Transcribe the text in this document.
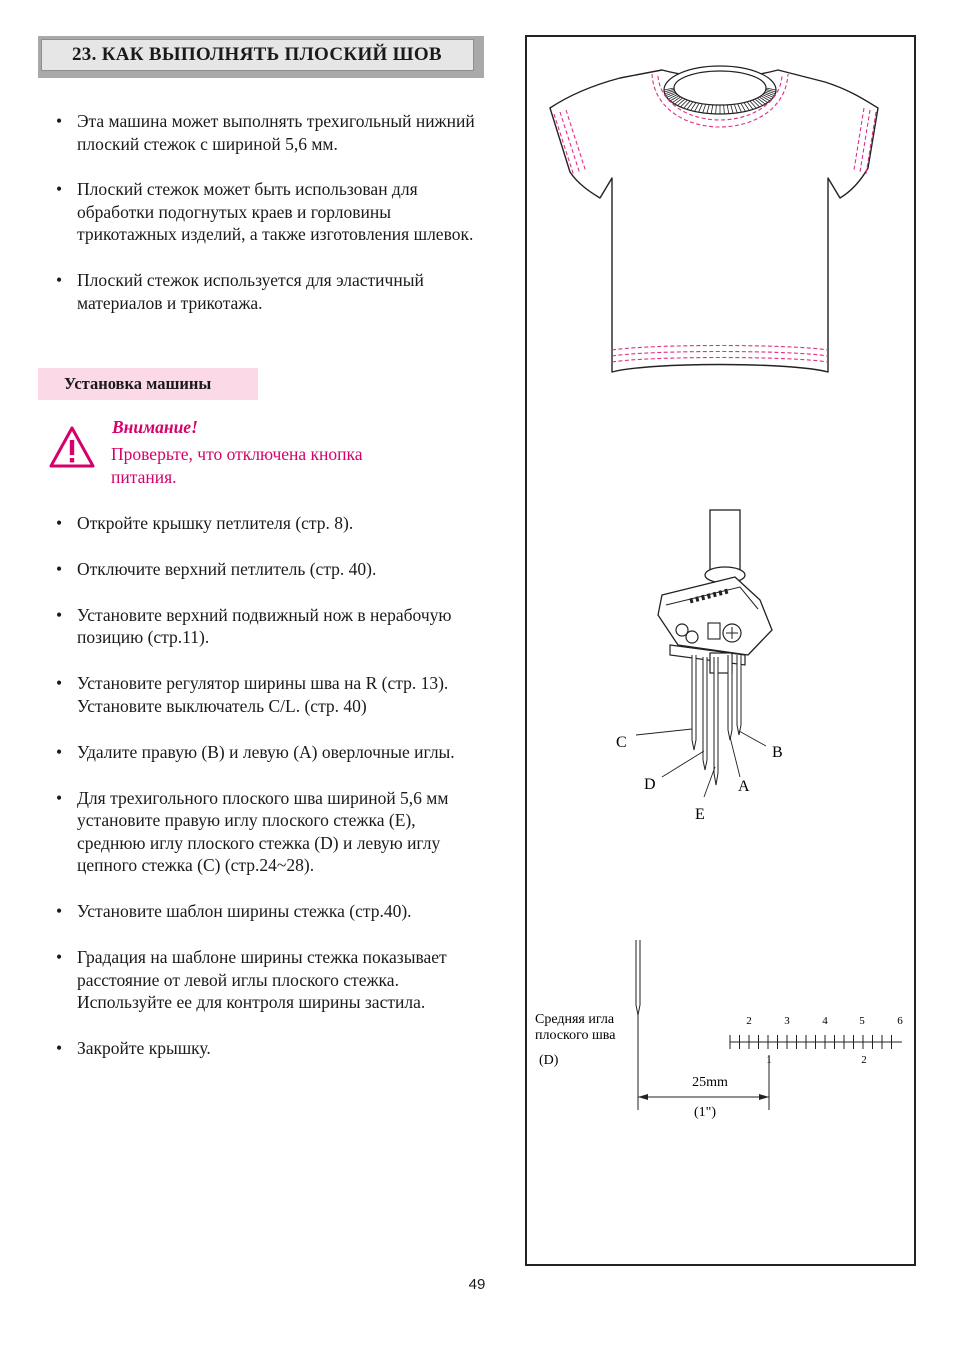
23. КАК ВЫПОЛНЯТЬ ПЛОСКИЙ ШОВ
• Эта машина может выполнять трехигольный нижний плоский стежок с шириной 5,6 мм.
• Плоский стежок может быть использован для обработки подогнутых краев и горловины трикотажных изделий, а также изготовления шлевок.
• Плоский стежок используется для эластичный материалов и трикотажа.
Установка машины
Внимание!
Проверьте, что отключена кнопка питания.
• Откройте крышку петлителя (стр. 8).
• Отключите верхний петлитель (стр. 40).
• Установите верхний подвижный нож в нерабочую позицию (стр.11).
• Установите регулятор ширины шва на R (стр. 13). Установите выключатель C/L. (стр. 40)
• Удалите правую (B) и левую (A) оверлочные иглы.
• Для трехигольного плоского шва шириной 5,6 мм установите правую иглу плоского стежка (E), среднюю иглу плоского стежка (D) и левую иглу цепного стежка (C) (стр.24~28).
• Установите шаблон ширины стежка (стр.40).
• Градация на шаблоне ширины стежка показывает расстояние от левой иглы плоского стежка. Используйте ее для контроля ширины застила.
• Закройте крышку.
C
B
D	A
E
Средняя игла
плоского шва
(D)
2	3	4	5	6
1	2
25mm
(1")
49
